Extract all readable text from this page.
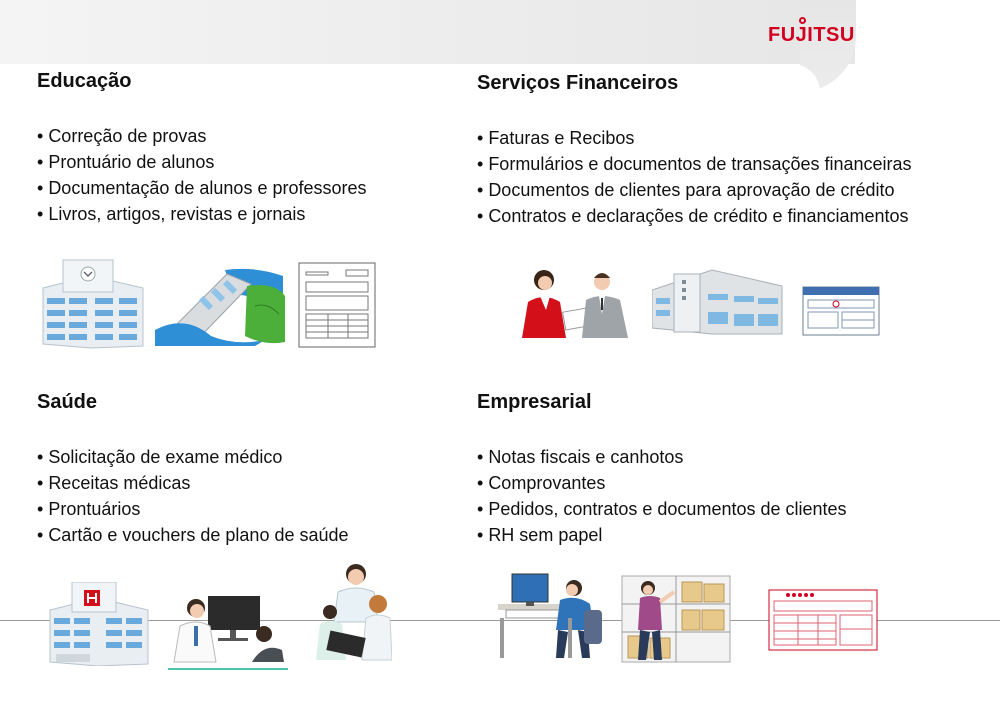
FUJITSU
Educação
• Correção de provas
• Prontuário de alunos
• Documentação de alunos e professores
• Livros, artigos, revistas e jornais
Serviços Financeiros
• Faturas e Recibos
• Formulários e documentos de transações financeiras
• Documentos de clientes para aprovação de crédito
• Contratos e declarações de crédito e financiamentos
Saúde
• Solicitação de exame médico
• Receitas médicas
• Prontuários
• Cartão e vouchers de plano de saúde
Empresarial
• Notas fiscais e canhotos
• Comprovantes
• Pedidos, contratos e documentos de clientes
• RH sem papel
